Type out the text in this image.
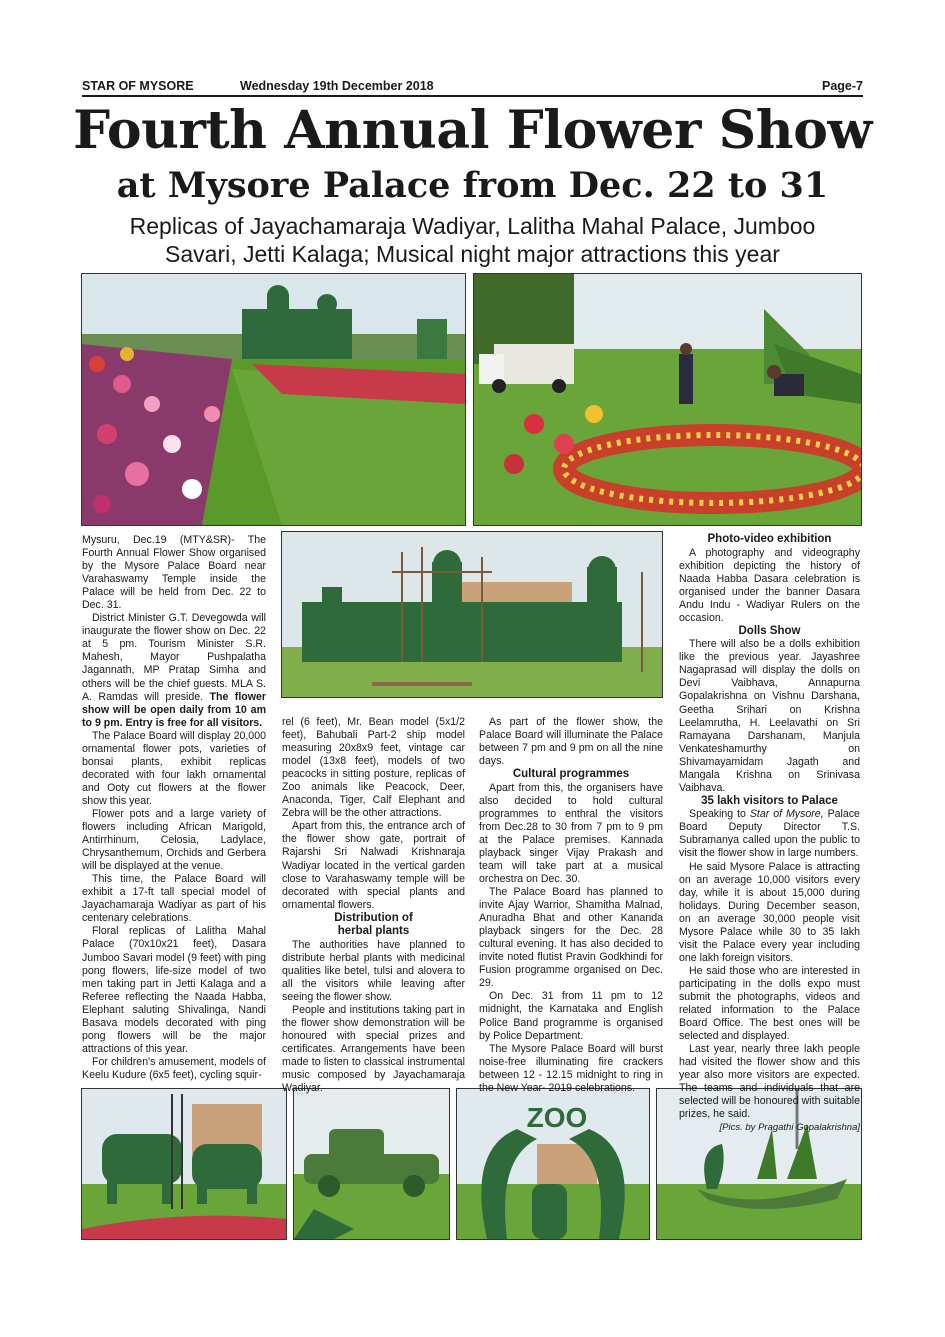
STAR OF MYSORE	Wednesday 19th December 2018	Page-7
Fourth Annual Flower Show
at Mysore Palace from Dec. 22 to 31
Replicas of Jayachamaraja Wadiyar, Lalitha Mahal Palace, Jumboo
Savari, Jetti Kalaga; Musical night major attractions this year
ZOO

Mysuru, Dec.19 (MTY&SR)- The Fourth Annual Flower Show organised by the Mysore Palace Board near Varahaswamy Temple inside the Palace will be held from Dec. 22 to Dec. 31.

District Minister G.T. Devegowda will inaugurate the flower show on Dec. 22 at 5 pm. Tourism Minister S.R. Mahesh, Mayor Pushpalatha Jagannath, MP Pratap Simha and others will be the chief guests. MLA S. A. Ramdas will preside. The flower show will be open daily from 10 am to 9 pm. Entry is free for all visitors.

The Palace Board will display 20,000 ornamental flower pots, varieties of bonsai plants, exhibit replicas decorated with four lakh ornamental and Ooty cut flowers at the flower show this year.

Flower pots and a large variety of flowers including African Marigold, Antirrhinum, Celosia, Ladylace, Chrysanthemum, Orchids and Gerbera will be displayed at the venue.

This time, the Palace Board will exhibit a 17-ft tall special model of Jayachamaraja Wadiyar as part of his centenary celebrations.

Floral replicas of Lalitha Mahal Palace (70x10x21 feet), Dasara Jumboo Savari model (9 feet) with ping pong flowers, life-size model of two men taking part in Jetti Kalaga and a Referee reflecting the Naada Habba, Elephant saluting Shivalinga, Nandi Basava models decorated with ping pong flowers will be the major attractions of this year.

For children's amusement, models of Keelu Kudure (6x5 feet), cycling squir-

rel (6 feet), Mr. Bean model (5x1/2 feet), Bahubali Part-2 ship model measuring 20x8x9 feet, vintage car model (13x8 feet), models of two peacocks in sitting posture, replicas of Zoo animals like Peacock, Deer, Anaconda, Tiger, Calf Elephant and Zebra will be the other attractions.

Apart from this, the entrance arch of the flower show gate, portrait of Rajarshi Sri Nalwadi Krishnaraja Wadiyar located in the vertical garden close to Varahaswamy temple will be decorated with special plants and ornamental flowers.

Distribution of
herbal plants

The authorities have planned to distribute herbal plants with medicinal qualities like betel, tulsi and alovera to all the visitors while leaving after seeing the flower show.

People and institutions taking part in the flower show demonstration will be honoured with special prizes and certificates. Arrangements have been made to listen to classical instrumental music composed by Jayachamaraja Wadiyar.

As part of the flower show, the Palace Board will illuminate the Palace between 7 pm and 9 pm on all the nine days.

Cultural programmes

Apart from this, the organisers have also decided to hold cultural programmes to enthral the visitors from Dec.28 to 30 from 7 pm to 9 pm at the Palace premises. Kannada playback singer Vijay Prakash and team will take part at a musical orchestra on Dec. 30.

The Palace Board has planned to invite Ajay Warrior, Shamitha Malnad, Anuradha Bhat and other Kananda playback singers for the Dec. 28 cultural evening. It has also decided to invite noted flutist Pravin Godkhindi for Fusion programme organised on Dec. 29.

On Dec. 31 from 11 pm to 12 midnight, the Karnataka and English Police Band programme is organised by Police Department.

The Mysore Palace Board will burst noise-free illuminating fire crackers between 12 - 12.15 midnight to ring in the New Year- 2019 celebrations.

Photo-video exhibition

A photography and videography exhibition depicting the history of Naada Habba Dasara celebration is organised under the banner Dasara Andu Indu - Wadiyar Rulers on the occasion.

Dolls Show

There will also be a dolls exhibition like the previous year. Jayashree Nagaprasad will display the dolls on Devi Vaibhava, Annapurna Gopalakrishna on Vishnu Darshana, Geetha Srihari on Krishna Leelamrutha, H. Leelavathi on Sri Ramayana Darshanam, Manjula Venkateshamurthy on Shivamayamidam Jagath and Mangala Krishna on Srinivasa Vaibhava.

35 lakh visitors to Palace

Speaking to Star of Mysore, Palace Board Deputy Director T.S. Subramanya called upon the public to visit the flower show in large numbers.

He said Mysore Palace is attracting on an average 10,000 visitors every day, while it is about 15,000 during holidays. During December season, on an average 30,000 people visit Mysore Palace while 30 to 35 lakh visit the Palace every year including one lakh foreign visitors.

He said those who are interested in participating in the dolls expo must submit the photographs, videos and related information to the Palace Board Office. The best ones will be selected and displayed.

Last year, nearly three lakh people had visited the flower show and this year also more visitors are expected. The teams and individuals that are selected will be honoured with suitable prizes, he said.

[Pics. by Pragathi Gopalakrishna]
